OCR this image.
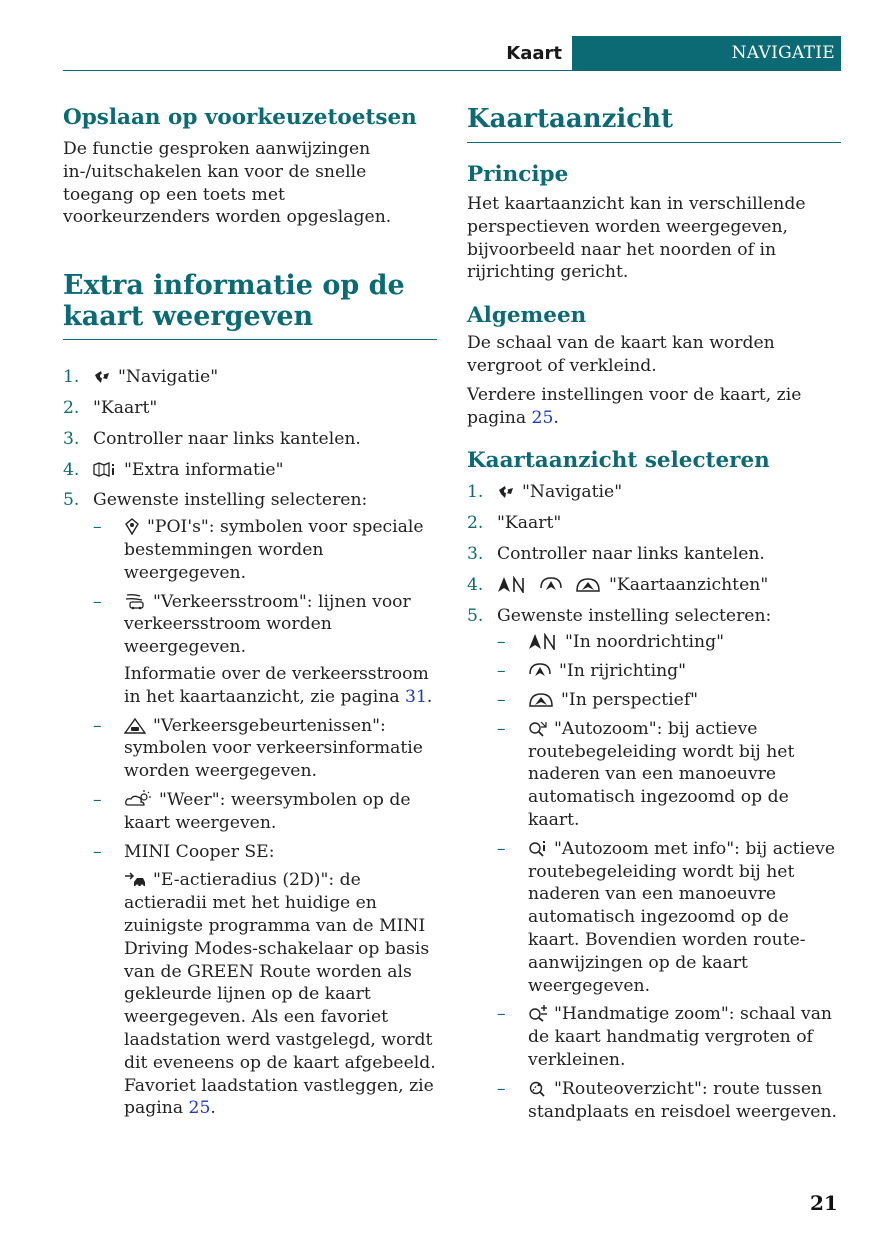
Kaart	NAVIGATIE
Opslaan op voorkeuzetoetsen

De functie gesproken aanwijzingen in-/uitschakelen kan voor de snelle toegang op een toets met voorkeurzenders worden opgeslagen.

Extra informatie op de kaart weergeven
1. "Navigatie"
2. "Kaart"
3. Controller naar links kantelen.
4.	"Extra informatie"
5. Gewenste instelling selecteren:
–	"POI's": symbolen voor speciale bestemmingen worden weergegeven.
–	"Verkeersstroom": lijnen voor verkeersstroom worden weergegeven.

Informatie over de verkeersstroom in het kaartaanzicht, zie pagina 31.

–	"Verkeersgebeurtenissen": symbolen voor verkeersinformatie worden weergegeven.
–	"Weer": weersymbolen op de kaart weergeven.
– MINI Cooper SE:

"E-actieradius (2D)": de actieradii met het huidige en zuinigste programma van de MINI Driving Modes-schakelaar op basis van de GREEN Route worden als gekleurde lijnen op de kaart weergegeven. Als een favoriet laadstation werd vastgelegd, wordt dit eveneens op de kaart afgebeeld. Favoriet laadstation vastleggen, zie pagina 25.

Kaartaanzicht
Principe

Het kaartaanzicht kan in verschillende perspectieven worden weergegeven, bijvoorbeeld naar het noorden of in rijrichting gericht.

Algemeen

De schaal van de kaart kan worden vergroot of verkleind.

Verdere instellingen voor de kaart, zie pagina 25.

Kaartaanzicht selecteren
1. "Navigatie"
2. "Kaart"
3. Controller naar links kantelen.
4.	"Kaartaanzichten"
5. Gewenste instelling selecteren:
–	"In noordrichting"
–	"In rijrichting"
–	"In perspectief"
–	"Autozoom": bij actieve routebegeleiding wordt bij het naderen van een manoeuvre automatisch ingezoomd op de kaart.
–	"Autozoom met info": bij actieve routebegeleiding wordt bij het naderen van een manoeuvre automatisch ingezoomd op de kaart. Bovendien worden route-aanwijzingen op de kaart weergegeven.
–	"Handmatige zoom": schaal van de kaart handmatig vergroten of verkleinen.
–	"Routeoverzicht": route tussen standplaats en reisdoel weergeven.
21
